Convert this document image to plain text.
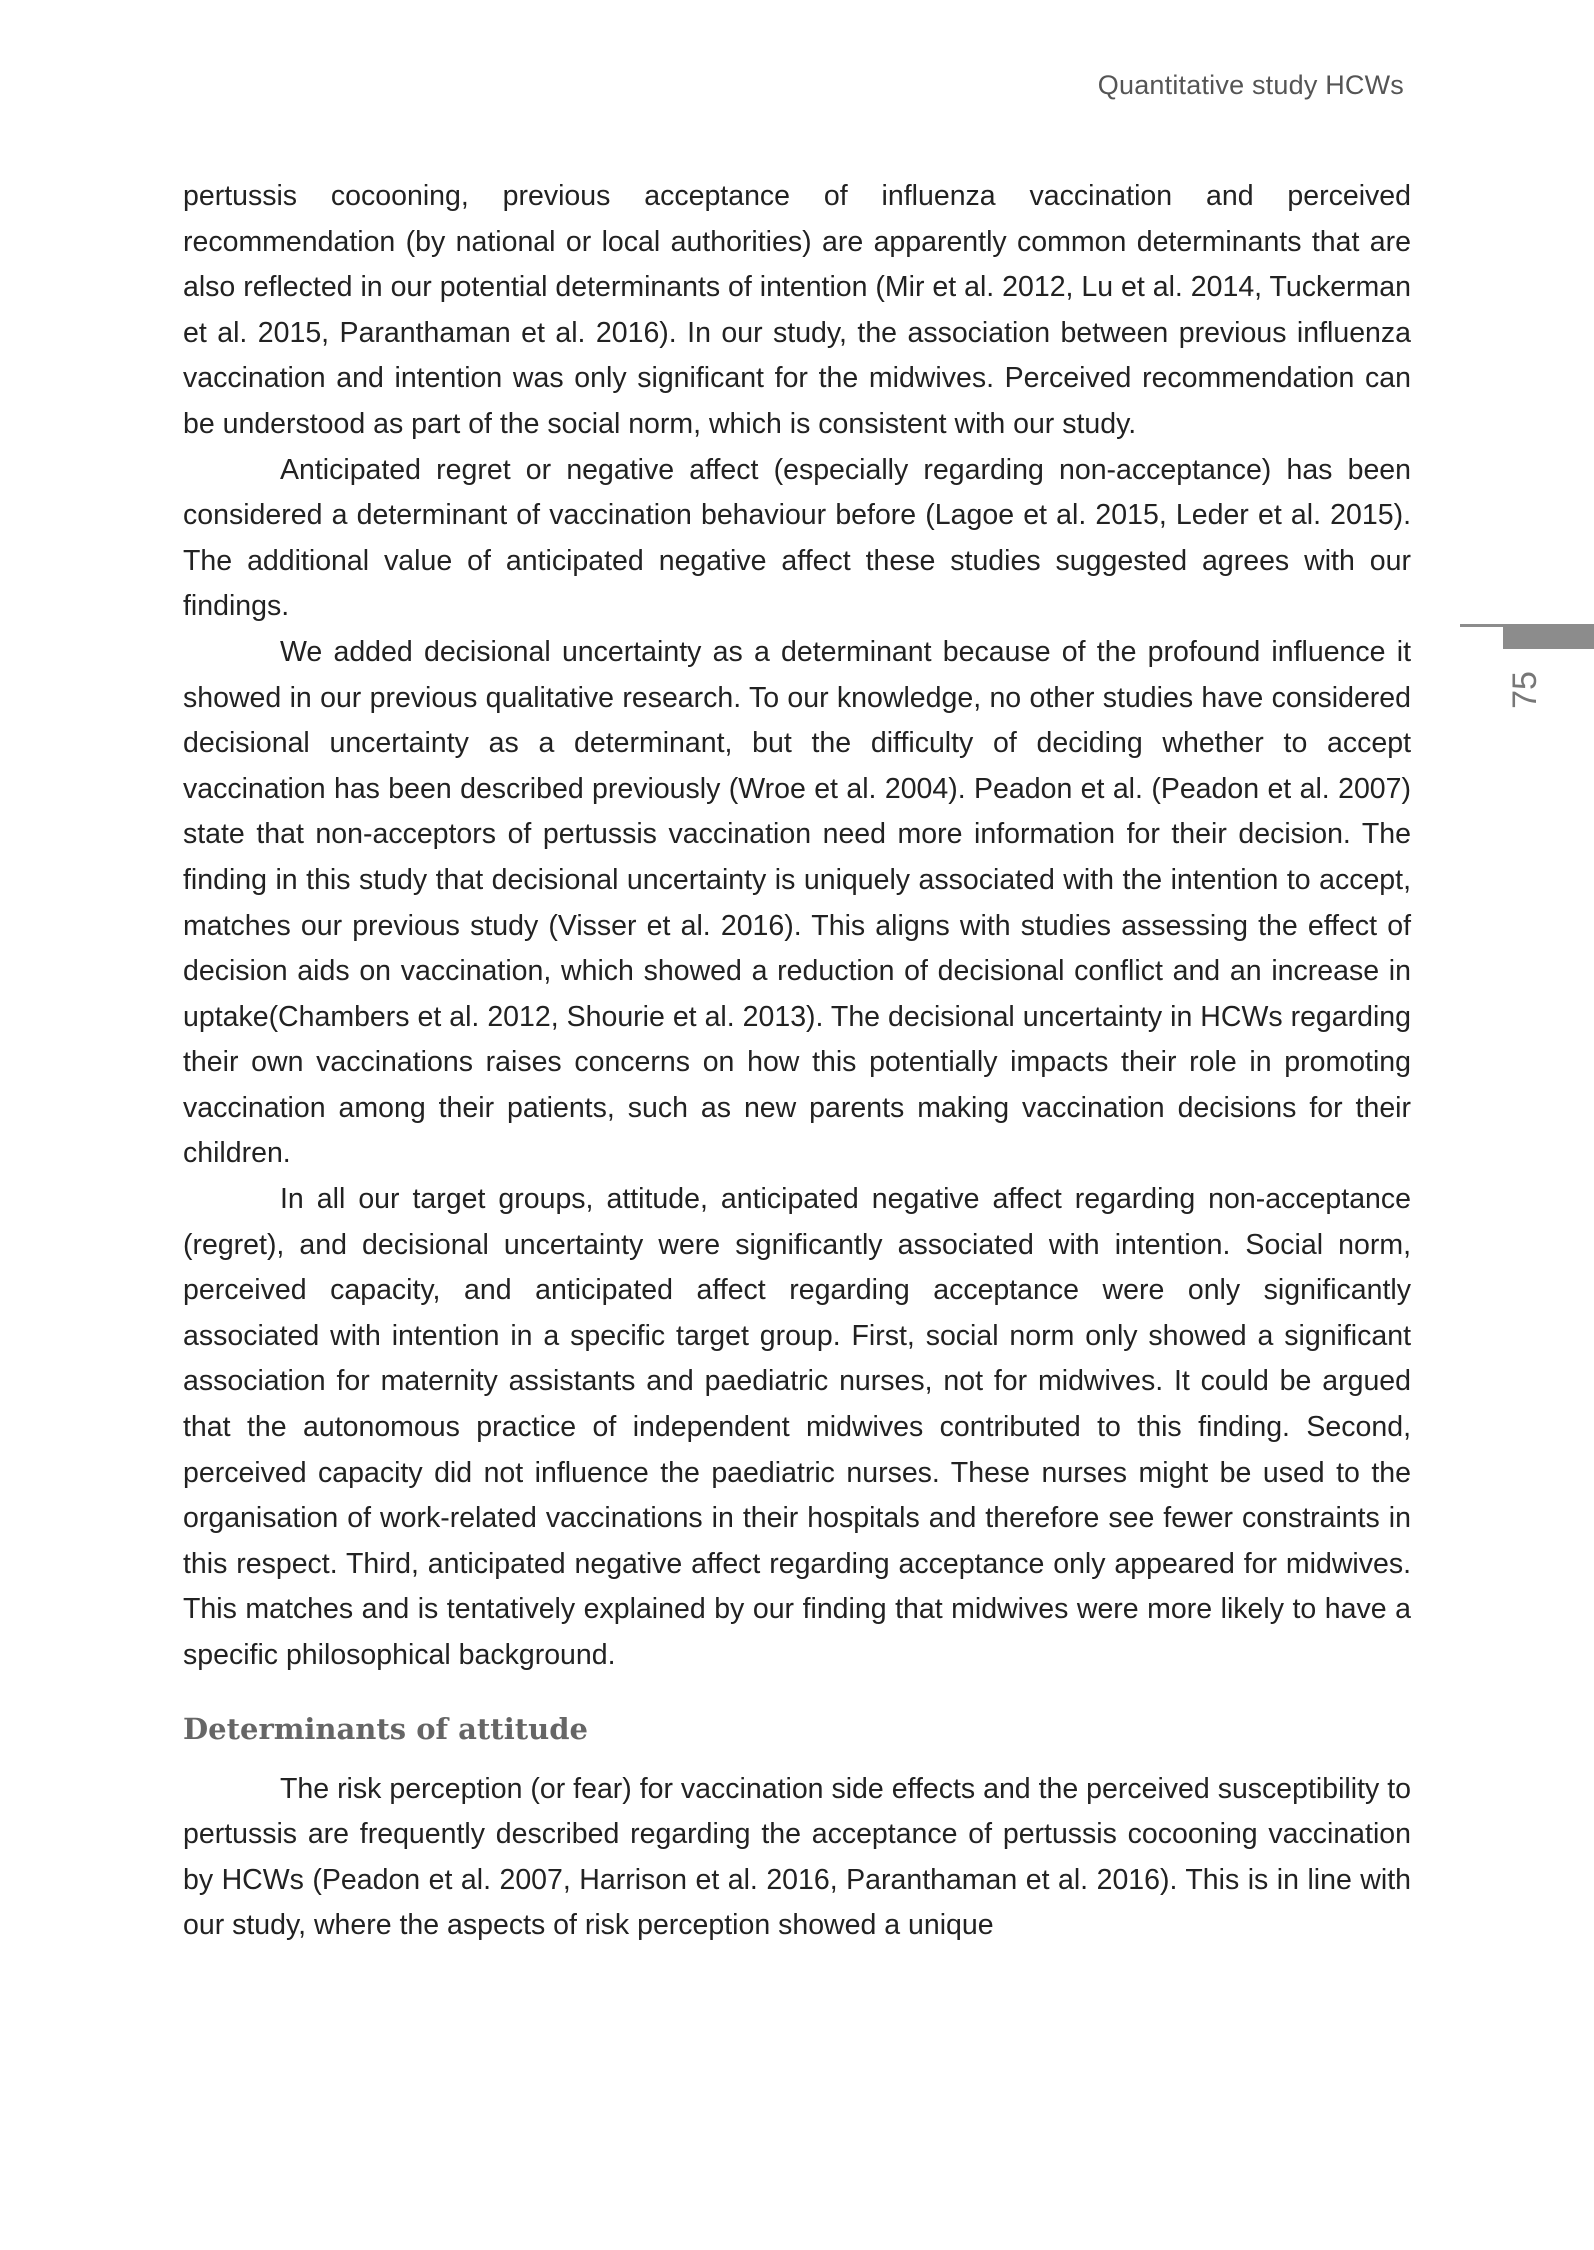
Quantitative study HCWs
75

pertussis cocooning, previous acceptance of influenza vaccination and perceived recommendation (by national or local authorities) are apparently common determinants that are also reflected in our potential determinants of intention (Mir et al. 2012, Lu et al. 2014, Tuckerman et al. 2015, Paranthaman et al. 2016). In our study, the association between previous influenza vaccination and intention was only significant for the midwives. Perceived recommendation can be understood as part of the social norm, which is consistent with our study.

Anticipated regret or negative affect (especially regarding non-acceptance) has been considered a determinant of vaccination behaviour before (Lagoe et al. 2015, Leder et al. 2015). The additional value of anticipated negative affect these studies suggested agrees with our findings.

We added decisional uncertainty as a determinant because of the profound influence it showed in our previous qualitative research. To our knowledge, no other studies have considered decisional uncertainty as a determinant, but the difficulty of deciding whether to accept vaccination has been described previously (Wroe et al. 2004). Peadon et al. (Peadon et al. 2007) state that non-acceptors of pertussis vaccination need more information for their decision. The finding in this study that decisional uncertainty is uniquely associated with the intention to accept, matches our previous study (Visser et al. 2016). This aligns with studies assessing the effect of decision aids on vaccination, which showed a reduction of decisional conflict and an increase in uptake(Chambers et al. 2012, Shourie et al. 2013). The decisional uncertainty in HCWs regarding their own vaccinations raises concerns on how this potentially impacts their role in promoting vaccination among their patients, such as new parents making vaccination decisions for their children.

In all our target groups, attitude, anticipated negative affect regarding non-acceptance (regret), and decisional uncertainty were significantly associated with intention. Social norm, perceived capacity, and anticipated affect regarding acceptance were only significantly associated with intention in a specific target group. First, social norm only showed a significant association for maternity assistants and paediatric nurses, not for midwives. It could be argued that the autonomous practice of independent midwives contributed to this finding. Second, perceived capacity did not influence the paediatric nurses. These nurses might be used to the organisation of work-related vaccinations in their hospitals and therefore see fewer constraints in this respect. Third, anticipated negative affect regarding acceptance only appeared for midwives. This matches and is tentatively explained by our finding that midwives were more likely to have a specific philosophical background.

Determinants of attitude

The risk perception (or fear) for vaccination side effects and the perceived susceptibility to pertussis are frequently described regarding the acceptance of pertussis cocooning vaccination by HCWs (Peadon et al. 2007, Harrison et al. 2016, Paranthaman et al. 2016). This is in line with our study, where the aspects of risk perception showed a unique
